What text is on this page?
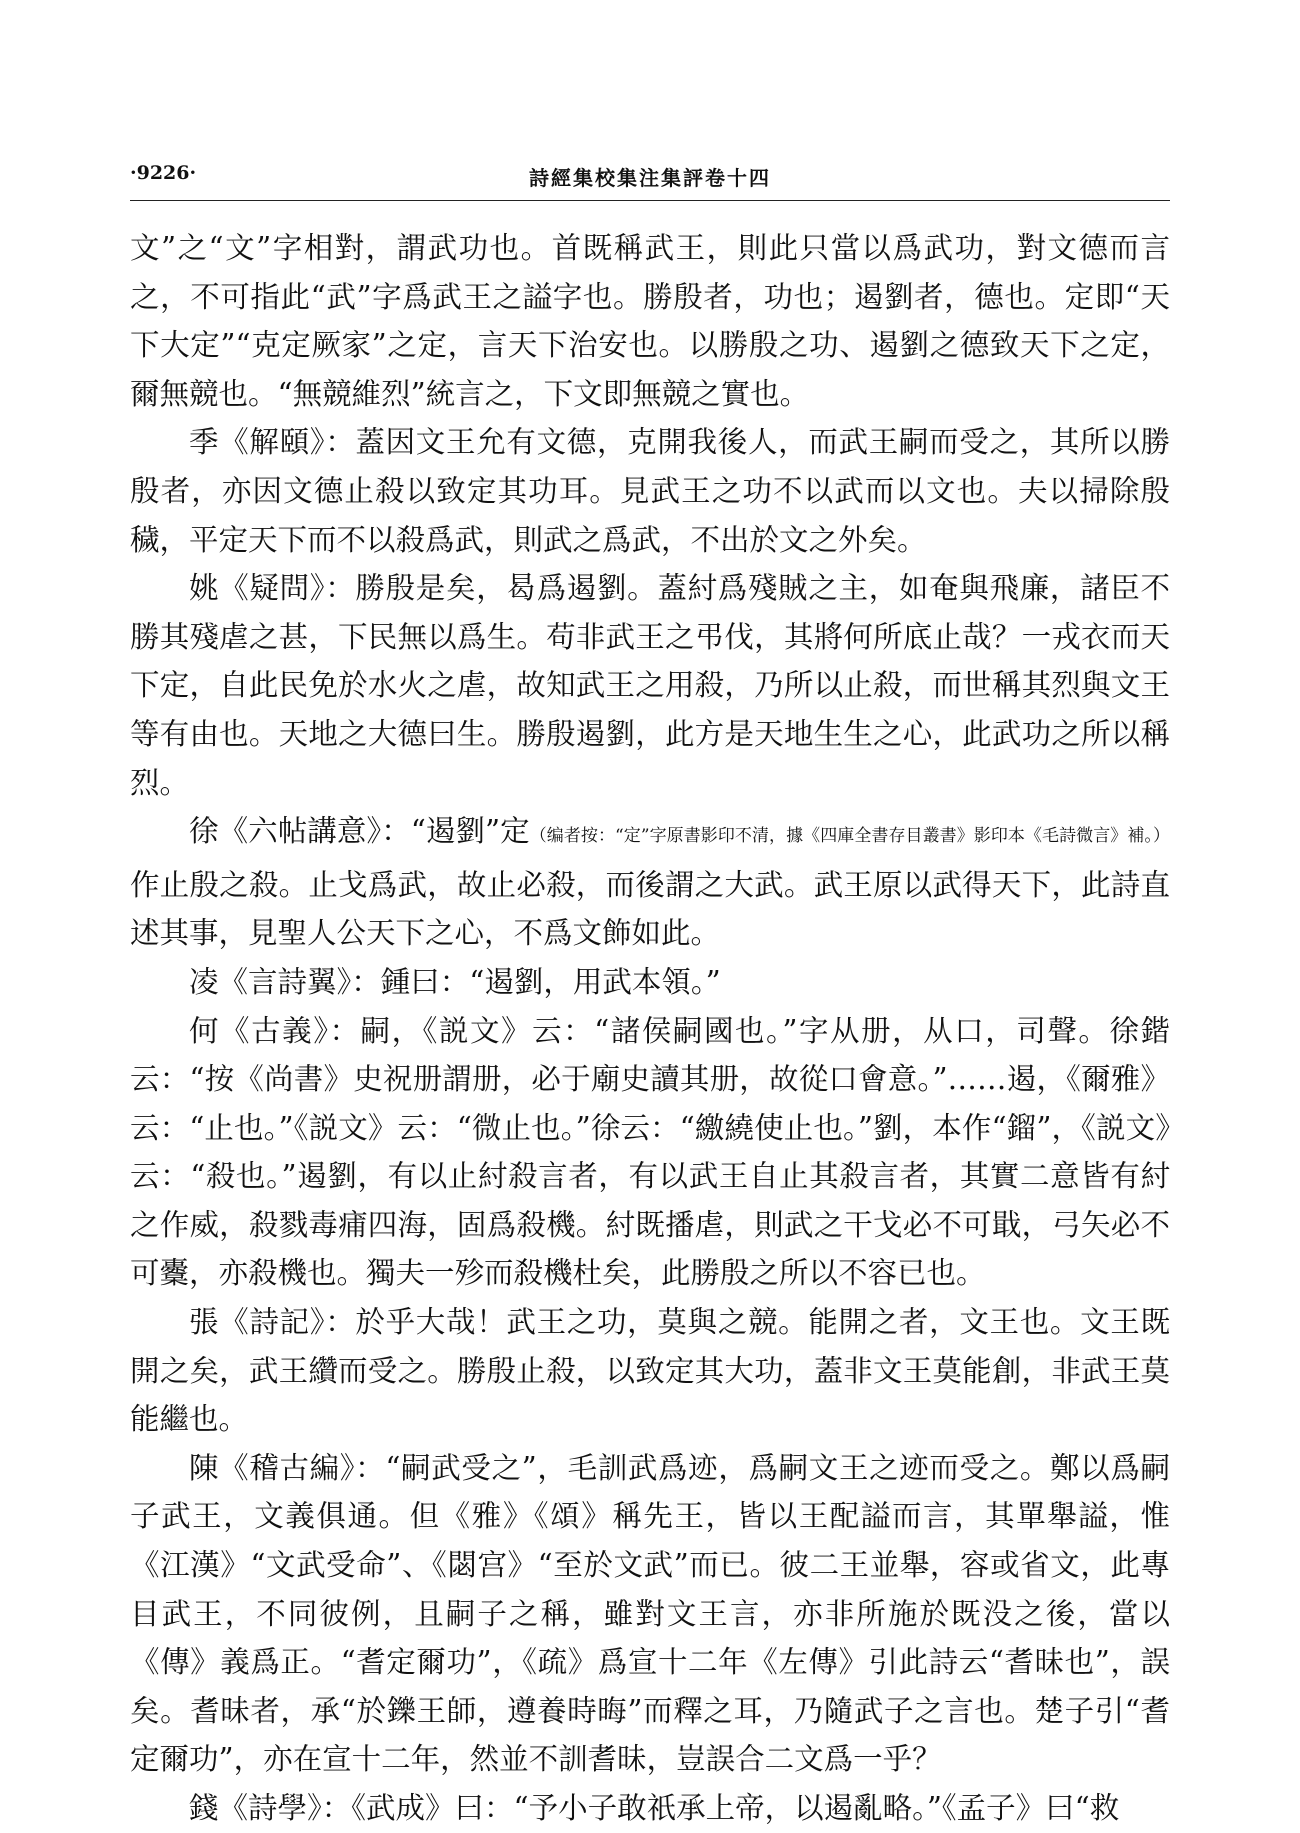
·9226·	詩經集校集注集評卷十四

文”之“文”字相對，謂武功也。首既稱武王，則此只當以爲武功，對文德而言之，不可指此“武”字爲武王之謚字也。勝殷者，功也；遏劉者，德也。定即“天下大定”“克定厥家”之定，言天下治安也。以勝殷之功、遏劉之德致天下之定，爾無競也。“無競維烈”統言之，下文即無競之實也。

季《解頤》：蓋因文王允有文德，克開我後人，而武王嗣而受之，其所以勝殷者，亦因文德止殺以致定其功耳。見武王之功不以武而以文也。夫以掃除殷穢，平定天下而不以殺爲武，則武之爲武，不出於文之外矣。

姚《疑問》：勝殷是矣，曷爲遏劉。蓋紂爲殘賊之主，如奄與飛廉，諸臣不勝其殘虐之甚，下民無以爲生。苟非武王之弔伐，其將何所底止哉？一戎衣而天下定，自此民免於水火之虐，故知武王之用殺，乃所以止殺，而世稱其烈與文王等有由也。天地之大德曰生。勝殷遏劉，此方是天地生生之心，此武功之所以稱烈。

徐《六帖講意》：“遏劉”定（编者按：“定”字原書影印不清，據《四庫全書存目叢書》影印本《毛詩微言》補。）作止殷之殺。止戈爲武，故止必殺，而後謂之大武。武王原以武得天下，此詩直述其事，見聖人公天下之心，不爲文飾如此。

凌《言詩翼》：鍾曰：“遏劉，用武本領。”

何《古義》：嗣，《説文》云：“諸侯嗣國也。”字从册，从口，司聲。徐鍇云：“按《尚書》史祝册謂册，必于廟史讀其册，故從口會意。”……遏，《爾雅》云：“止也。”《説文》云：“微止也。”徐云：“繳繞使止也。”劉，本作“鎦”，《説文》云：“殺也。”遏劉，有以止紂殺言者，有以武王自止其殺言者，其實二意皆有紂之作威，殺戮毒痡四海，固爲殺機。紂既播虐，則武之干戈必不可戢，弓矢必不可櫜，亦殺機也。獨夫一殄而殺機杜矣，此勝殷之所以不容已也。

張《詩記》：於乎大哉！武王之功，莫與之競。能開之者，文王也。文王既開之矣，武王纘而受之。勝殷止殺，以致定其大功，蓋非文王莫能創，非武王莫能繼也。

陳《稽古編》：“嗣武受之”，毛訓武爲迹，爲嗣文王之迹而受之。鄭以爲嗣子武王，文義俱通。但《雅》《頌》稱先王，皆以王配謚而言，其單舉謚，惟《江漢》“文武受命”、《閟宫》“至於文武”而已。彼二王並舉，容或省文，此專目武王，不同彼例，且嗣子之稱，雖對文王言，亦非所施於既没之後，當以《傳》義爲正。“耆定爾功”，《疏》爲宣十二年《左傳》引此詩云“耆昧也”，誤矣。耆昧者，承“於鑠王師，遵養時晦”而釋之耳，乃隨武子之言也。楚子引“耆定爾功”，亦在宣十二年，然並不訓耆昧，豈誤合二文爲一乎？

錢《詩學》：《武成》曰：“予小子敢祇承上帝，以遏亂略。”《孟子》曰“救
